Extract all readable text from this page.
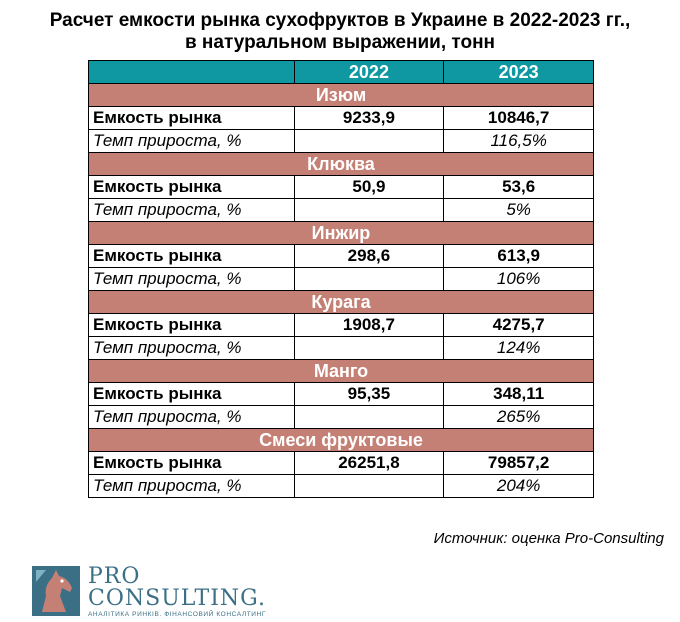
Расчет емкости рынка сухофруктов в Украине в 2022-2023 гг.,
в натуральном выражении, тонн
	2022	2023
Изюм		
Емкость рынка	9233,9	10846,7
Темп прироста, %		116,5%
Клюква		
Емкость рынка	50,9	53,6
Темп прироста, %		5%
Инжир		
Емкость рынка	298,6	613,9
Темп прироста, %		106%
Курага		
Емкость рынка	1908,7	4275,7
Темп прироста, %		124%
Манго		
Емкость рынка	95,35	348,11
Темп прироста, %		265%
Смеси фруктовые		
Емкость рынка	26251,8	79857,2
Темп прироста, %		204%
Источник: оценка Pro-Consulting
PRO
CONSULTING.
АНАЛІТИКА РИНКІВ. ФІНАНСОВИЙ КОНСАЛТИНГ
